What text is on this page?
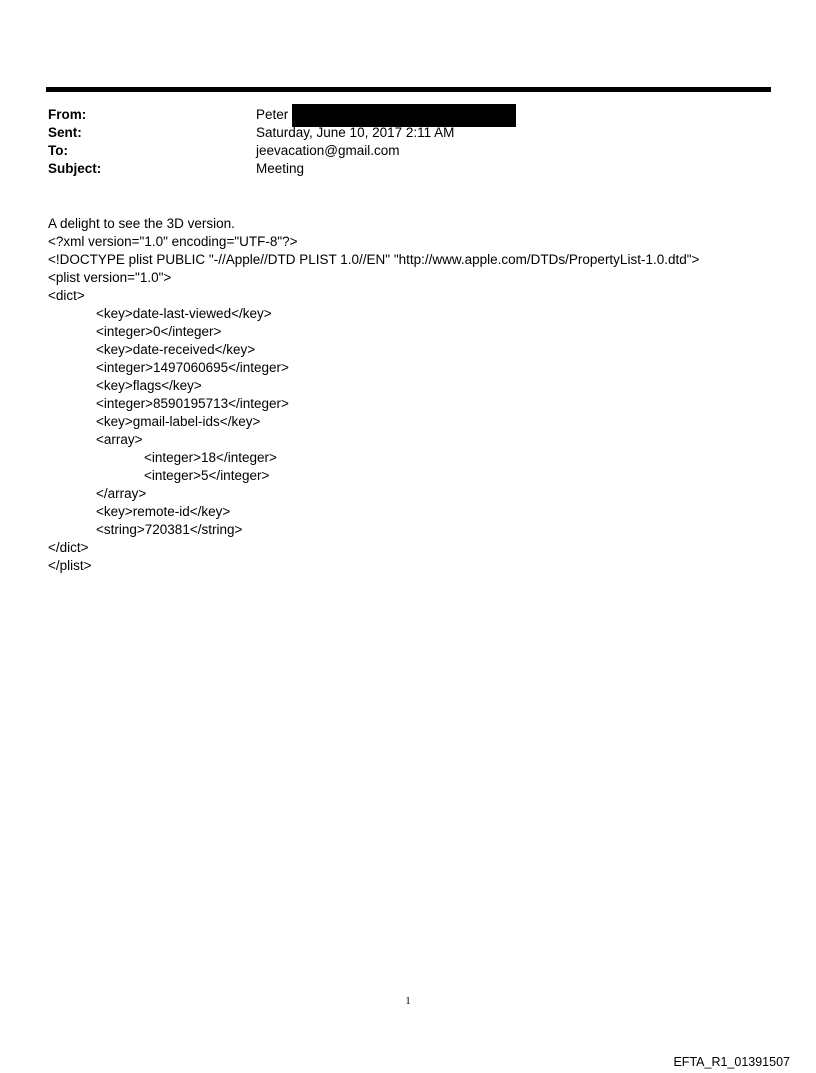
From:	Peter
Sent:	Saturday, June 10, 2017 2:11 AM
To:	jeevacation@gmail.com
Subject:	Meeting
A delight to see the 3D version.
<?xml version="1.0" encoding="UTF-8"?>
<!DOCTYPE plist PUBLIC "-//Apple//DTD PLIST 1.0//EN" "http://www.apple.com/DTDs/PropertyList-1.0.dtd">
<plist version="1.0">
<dict>
<key>date-last-viewed</key>
<integer>0</integer>
<key>date-received</key>
<integer>1497060695</integer>
<key>flags</key>
<integer>8590195713</integer>
<key>gmail-label-ids</key>
<array>
<integer>18</integer>
<integer>5</integer>
</array>
<key>remote-id</key>
<string>720381</string>
</dict>
</plist>
1
EFTA_R1_01391507
